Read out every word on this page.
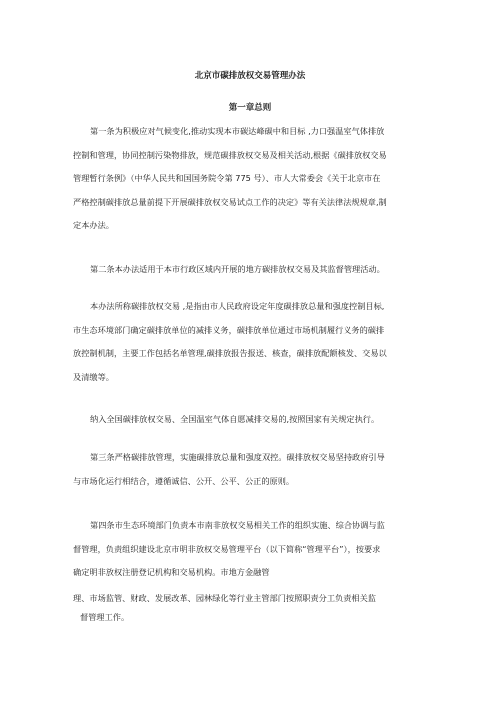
北京市碳排放权交易管理办法
第一章总则
第一条为积极应对气候变化,推动实现本市碳达峰碳中和目标 ,力口强温室气体排放
控制和管理，协同控制污染物排放，规范碳排放权交易及相关活动,根据《碳排放权交易
管理暂行条例》（中华人民共和国国务院令第 775 号）、市人大常委会《关于北京市在
严格控制碳排放总量前提下开展碳排放权交易试点工作的决定》等有关法律法规规章,制
定本办法。
第二条本办法适用于本市行政区域内开展的地方碳排放权交易及其监督管理活动。
本办法所称碳排放权交易 ,是指由市人民政府设定年度碳排放总量和强度控制目标,
市生态环境部门确定碳排放单位的减排义务，碳排放单位通过市场机制履行义务的碳排
放控制机制，主要工作包括名单管理,碳排放报告报送、核查，碳排放配额核发、交易以
及清缴等。
纳入全国碳排放权交易、全国温室气体自愿减排交易的,按照国家有关规定执行。
第三条严格碳排放管理，实施碳排放总量和强度双控。碳排放权交易坚持政府引导
与市场化运行相结合，遵循诚信、公开、公平、公正的原则。
第四条市生态环境部门负责本市南非放权交易相关工作的组织实施、综合协调与监
督管理，负责组织建设北京市明非放权交易管理平台（以下简称“管理平台”），按要求
确定明非放权注册登记机构和交易机构。市地方金融管
理、市场监管、财政、发展改革、园林绿化等行业主管部门按照职责分工负责相关监
督管理工作。
